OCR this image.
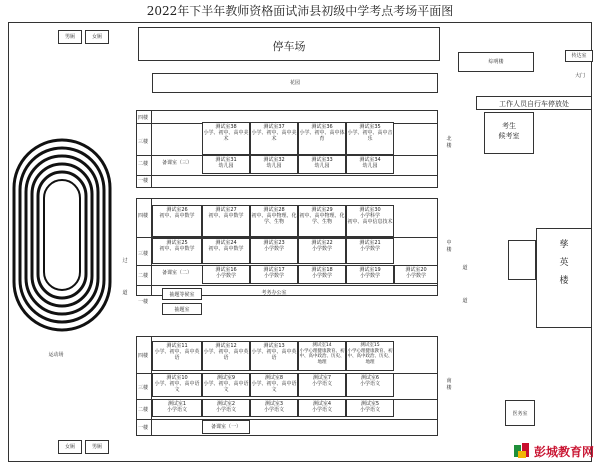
2022年下半年教师资格面试沛县初级中学考点考场平面图
男厕	女厕
停车场
花园
综明楼
传达室
大门
工作人员自行车停放处
考生
候考室
孳

英

楼
医务室
过
道
道
道
北
楼
中
楼
南
楼
运动场
女厕	男厕
四楼
三楼
二楼
一楼
测试室38
小学、初中、高中美术
测试室37
小学、初中、高中美术
测试室36
小学、初中、高中体育
测试室35
小学、初中、高中音乐
备课室（三）	测试室31
幼儿园
测试室32
幼儿园
测试室33
幼儿园
测试室34
幼儿园
四楼
三楼
二楼
一楼
测试室26
初中、高中数学
测试室27
初中、高中数学
测试室28
初中、高中物理、化学、生物
测试室29
初中、高中物理、化学、生物
测试室30
小学科学
初中、高中信息技术
测试室25
初中、高中数学
测试室24
初中、高中数学
测试室23
小学数学
测试室22
小学数学
测试室21
小学数学
备课室（二）	测试室16
小学数学
测试室17
小学数学
测试室18
小学数学
测试室19
小学数学
测试室20
小学数学
考务办公室
抽题等候室
抽题室
四楼
三楼
二楼
一楼
测试室11
小学、初中、高中英语
测试室12
小学、初中、高中英语
测试室13
小学、初中、高中英语
测试室14
小学心理健康教育、初中、高中政治、历史、地理
测试室15
小学心理健康教育、初中、高中政治、历史、地理
测试室10
小学、初中、高中语文
测试室9
小学、初中、高中语文
测试室8
小学、初中、高中语文
测试室7
小学语文
测试室6
小学语文
测试室1
小学语文
测试室2
小学语文
测试室3
小学语文
测试室4
小学语文
测试室5
小学语文
备课室（一）
彭城教育网
